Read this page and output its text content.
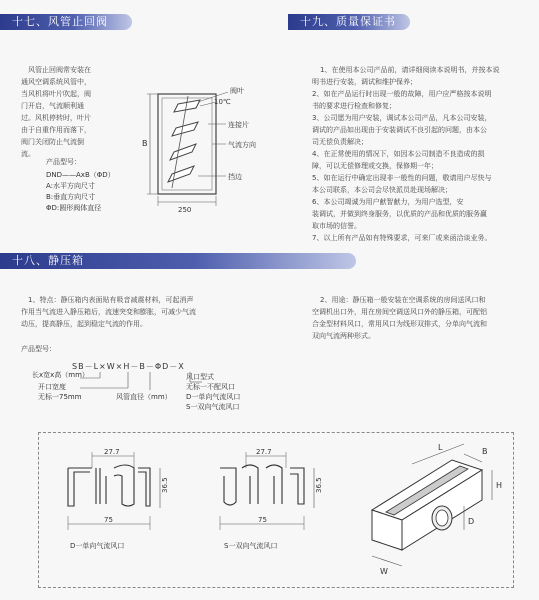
十七、风管止回阀
风管止回阀常安装在
通风空调系统风管中，
当风机将叶片吹起，阀
门开启，气流顺利通
过。风机停转时，叶片
由于自重作用而落下，
阀门关闭防止气流倒
流。
产品型号：
DND——AxB（ΦD）
A:水平方向尺寸
B:垂直方向尺寸
ΦD:圆形阀体直径
B
250
阀叶
10℃
连接片
气流方向
挡边
十九、质量保证书
1、在使用本公司产品前，请详细阅读本说明书，并按本说
明书进行安装，调试和维护保养；
2、如在产品运行时出现一般的故障，用户应严格按本说明
书的要求进行检查和修复；
3、公司愿为用户安装，调试本公司产品，凡本公司安装，
调试的产品如出现由于安装调试不良引起的问题，由本公
司无偿负责解决；
4、在正常使用的情况下，如因本公司制造不良造成的损
障，可以无偿修理或交换，保修期一年；
5、如在运行中确定出现非一般性的问题，敬请用户尽快与
本公司联系，本公司会尽快派员赴现场解决；
6、本公司竭诚为用户献智献力，为用户选型，安
装调试，并做到终身服务，以优质的产品和优质的服务赢
取市场的信誉。
7、以上所有产品如有特殊要求，可来厂或来函洽谈业务。
十八、静压箱
1、特点：静压箱内表面贴有吸音减震材料，可起消声
作用当气流进入静压箱后，流速突变和膨胀，可减少气流
动压，提高静压，起到稳定气流的作用。
2、用途：静压箱一般安装在空调系统的房间送风口和
空调机出口外，用在房间空调送风口外的静压箱，可配铝
合金型材料风口，常用风口为线形双排式，分单向气流和
双向气流两种形式。
产品型号：
SB－L×W×H－B－ΦD－X
长x宽x高（mm）
开口宽度
无标一75mm	风管直径（mm）
风口型式
无标一不配风口
D一单向气流风口
S一双向气流风口
27.7
36.5
75
D一单向气流风口
27.7
36.5
75
S一双向气流风口
L	B
H
D
W
